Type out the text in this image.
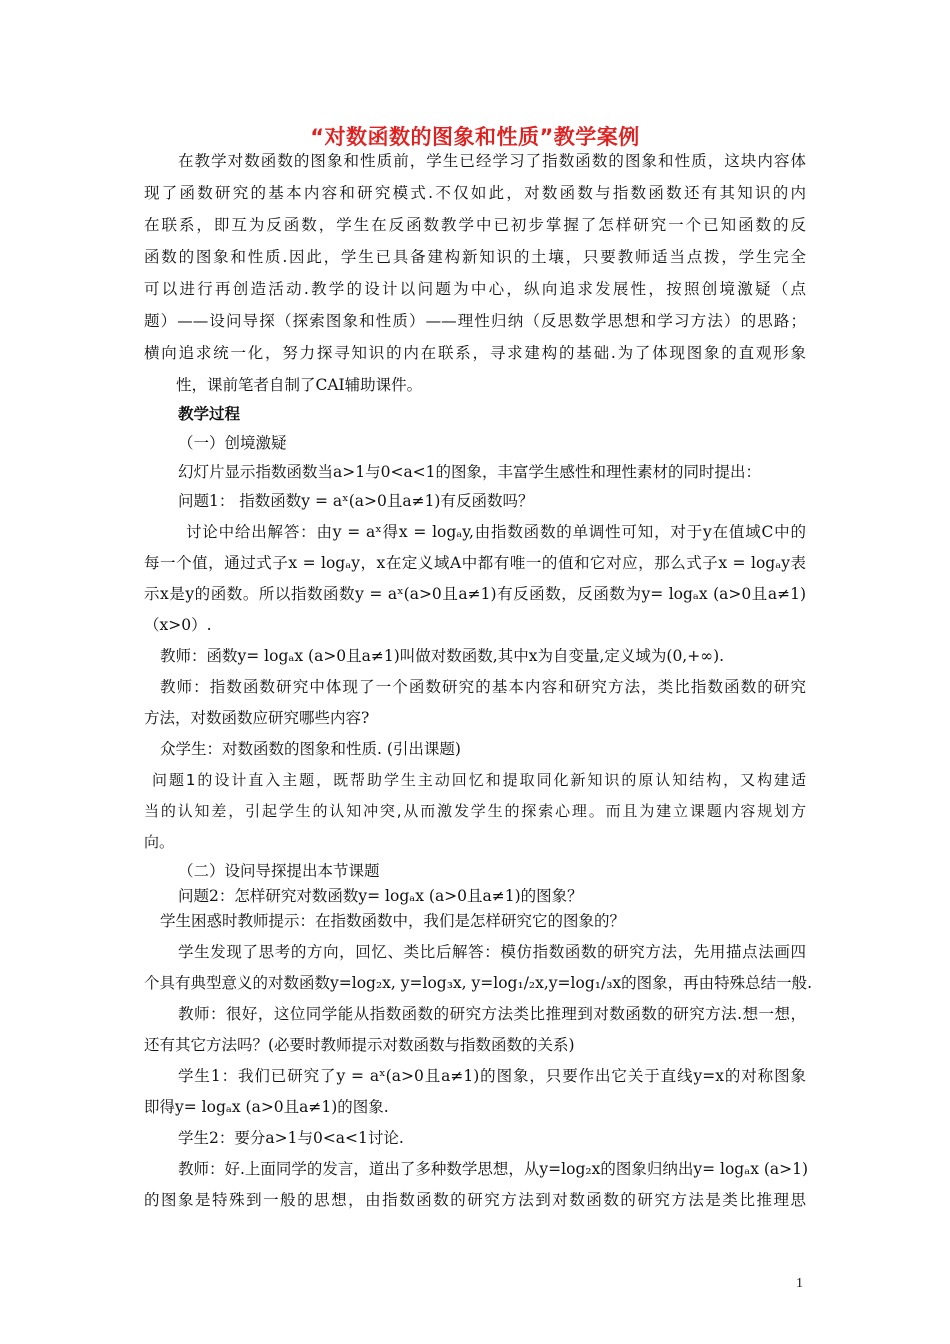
“对数函数的图象和性质”教学案例
在教学对数函数的图象和性质前，学生已经学习了指数函数的图象和性质，这块内容体
现了函数研究的基本内容和研究模式.不仅如此，对数函数与指数函数还有其知识的内
在联系，即互为反函数，学生在反函数教学中已初步掌握了怎样研究一个已知函数的反
函数的图象和性质.因此，学生已具备建构新知识的土壤，只要教师适当点拨，学生完全
可以进行再创造活动.教学的设计以问题为中心，纵向追求发展性，按照创境激疑（点
题）——设问导探（探索图象和性质）——理性归纳（反思数学思想和学习方法）的思路；
横向追求统一化，努力探寻知识的内在联系，寻求建构的基础.为了体现图象的直观形象
性，课前笔者自制了CAI辅助课件。
教学过程
（一）创境激疑
幻灯片显示指数函数当a>1与0<a<1的图象，丰富学生感性和理性素材的同时提出：
问题1： 指数函数y = aˣ(a>0且a≠1)有反函数吗？
讨论中给出解答：由y = aˣ得x = logₐy,由指数函数的单调性可知，对于y在值域C中的
每一个值，通过式子x = logₐy，x在定义域A中都有唯一的值和它对应，那么式子x = logₐy表
示x是y的函数。所以指数函数y = aˣ(a>0且a≠1)有反函数，反函数为y= logₐx (a>0且a≠1)
（x>0）.
教师：函数y= logₐx (a>0且a≠1)叫做对数函数,其中x为自变量,定义域为(0,+∞).
教师：指数函数研究中体现了一个函数研究的基本内容和研究方法，类比指数函数的研究
方法，对数函数应研究哪些内容?
众学生：对数函数的图象和性质. (引出课题)
问题1的设计直入主题，既帮助学生主动回忆和提取同化新知识的原认知结构，又构建适
当的认知差，引起学生的认知冲突,从而激发学生的探索心理。而且为建立课题内容规划方
向。
（二）设问导探提出本节课题
问题2：怎样研究对数函数y= logₐx (a>0且a≠1)的图象？
学生困惑时教师提示：在指数函数中，我们是怎样研究它的图象的？
学生发现了思考的方向，回忆、类比后解答：模仿指数函数的研究方法，先用描点法画四
个具有典型意义的对数函数y=log₂x, y=log₃x, y=log₁/₂x,y=log₁/₃x的图象，再由特殊总结一般.
教师：很好，这位同学能从指数函数的研究方法类比推理到对数函数的研究方法.想一想，
还有其它方法吗？(必要时教师提示对数函数与指数函数的关系)
学生1：我们已研究了y = aˣ(a>0且a≠1)的图象，只要作出它关于直线y=x的对称图象
即得y= logₐx (a>0且a≠1)的图象.
学生2：要分a>1与0<a<1讨论.
教师：好.上面同学的发言，道出了多种数学思想，从y=log₂x的图象归纳出y= logₐx (a>1)
的图象是特殊到一般的思想，由指数函数的研究方法到对数函数的研究方法是类比推理思
1
